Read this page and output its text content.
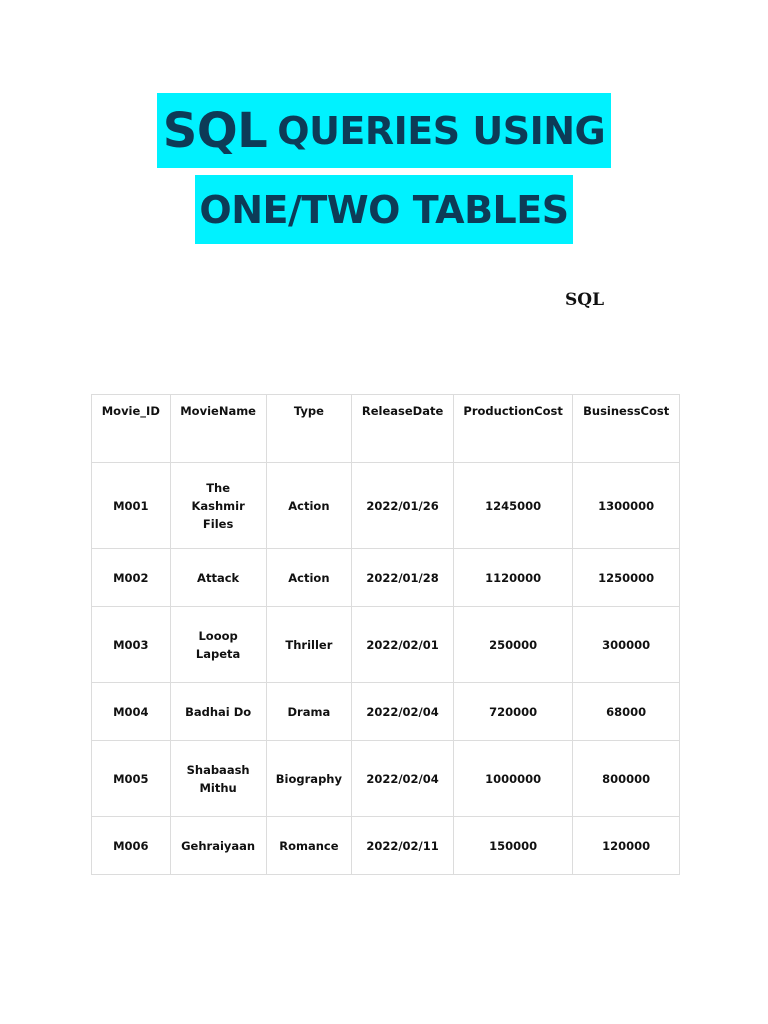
SQL QUERIES USING
ONE/TWO TABLES
SQL
Movie_ID	MovieName	Type	ReleaseDate	ProductionCost	BusinessCost
M001	The Kashmir Files	Action	2022/01/26	1245000	1300000
M002	Attack	Action	2022/01/28	1120000	1250000
M003	Looop Lapeta	Thriller	2022/02/01	250000	300000
M004	Badhai Do	Drama	2022/02/04	720000	68000
M005	Shabaash Mithu	Biography	2022/02/04	1000000	800000
M006	Gehraiyaan	Romance	2022/02/11	150000	120000
